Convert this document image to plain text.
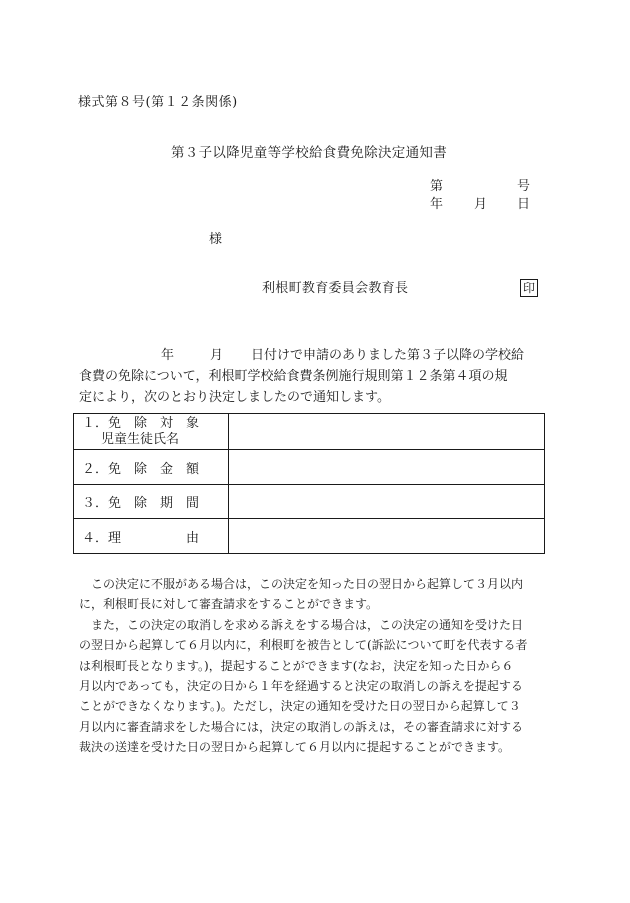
様式第８号(第１２条関係)
第３子以降児童等学校給食費免除決定通知書
第	号
年 月 日
様
利根町教育委員会教育長	印
年	月 日付けで申請のありました第３子以降の学校給
食費の免除について，利根町学校給食費条例施行規則第１２条第４項の規
定により，次のとおり決定しましたので通知します。
１．免　除　対　象
児童生徒氏名	

２．免　除　金　額	
３．免　除　期　間	
４．理　　　　　由	
　この決定に不服がある場合は，この決定を知った日の翌日から起算して３月以内
に，利根町長に対して審査請求をすることができます。
　また，この決定の取消しを求める訴えをする場合は，この決定の通知を受けた日
の翌日から起算して６月以内に，利根町を被告として(訴訟について町を代表する者
は利根町長となります。)，提起することができます(なお，決定を知った日から６
月以内であっても，決定の日から１年を経過すると決定の取消しの訴えを提起する
ことができなくなります。)。ただし，決定の通知を受けた日の翌日から起算して３
月以内に審査請求をした場合には，決定の取消しの訴えは，その審査請求に対する
裁決の送達を受けた日の翌日から起算して６月以内に提起することができます。
